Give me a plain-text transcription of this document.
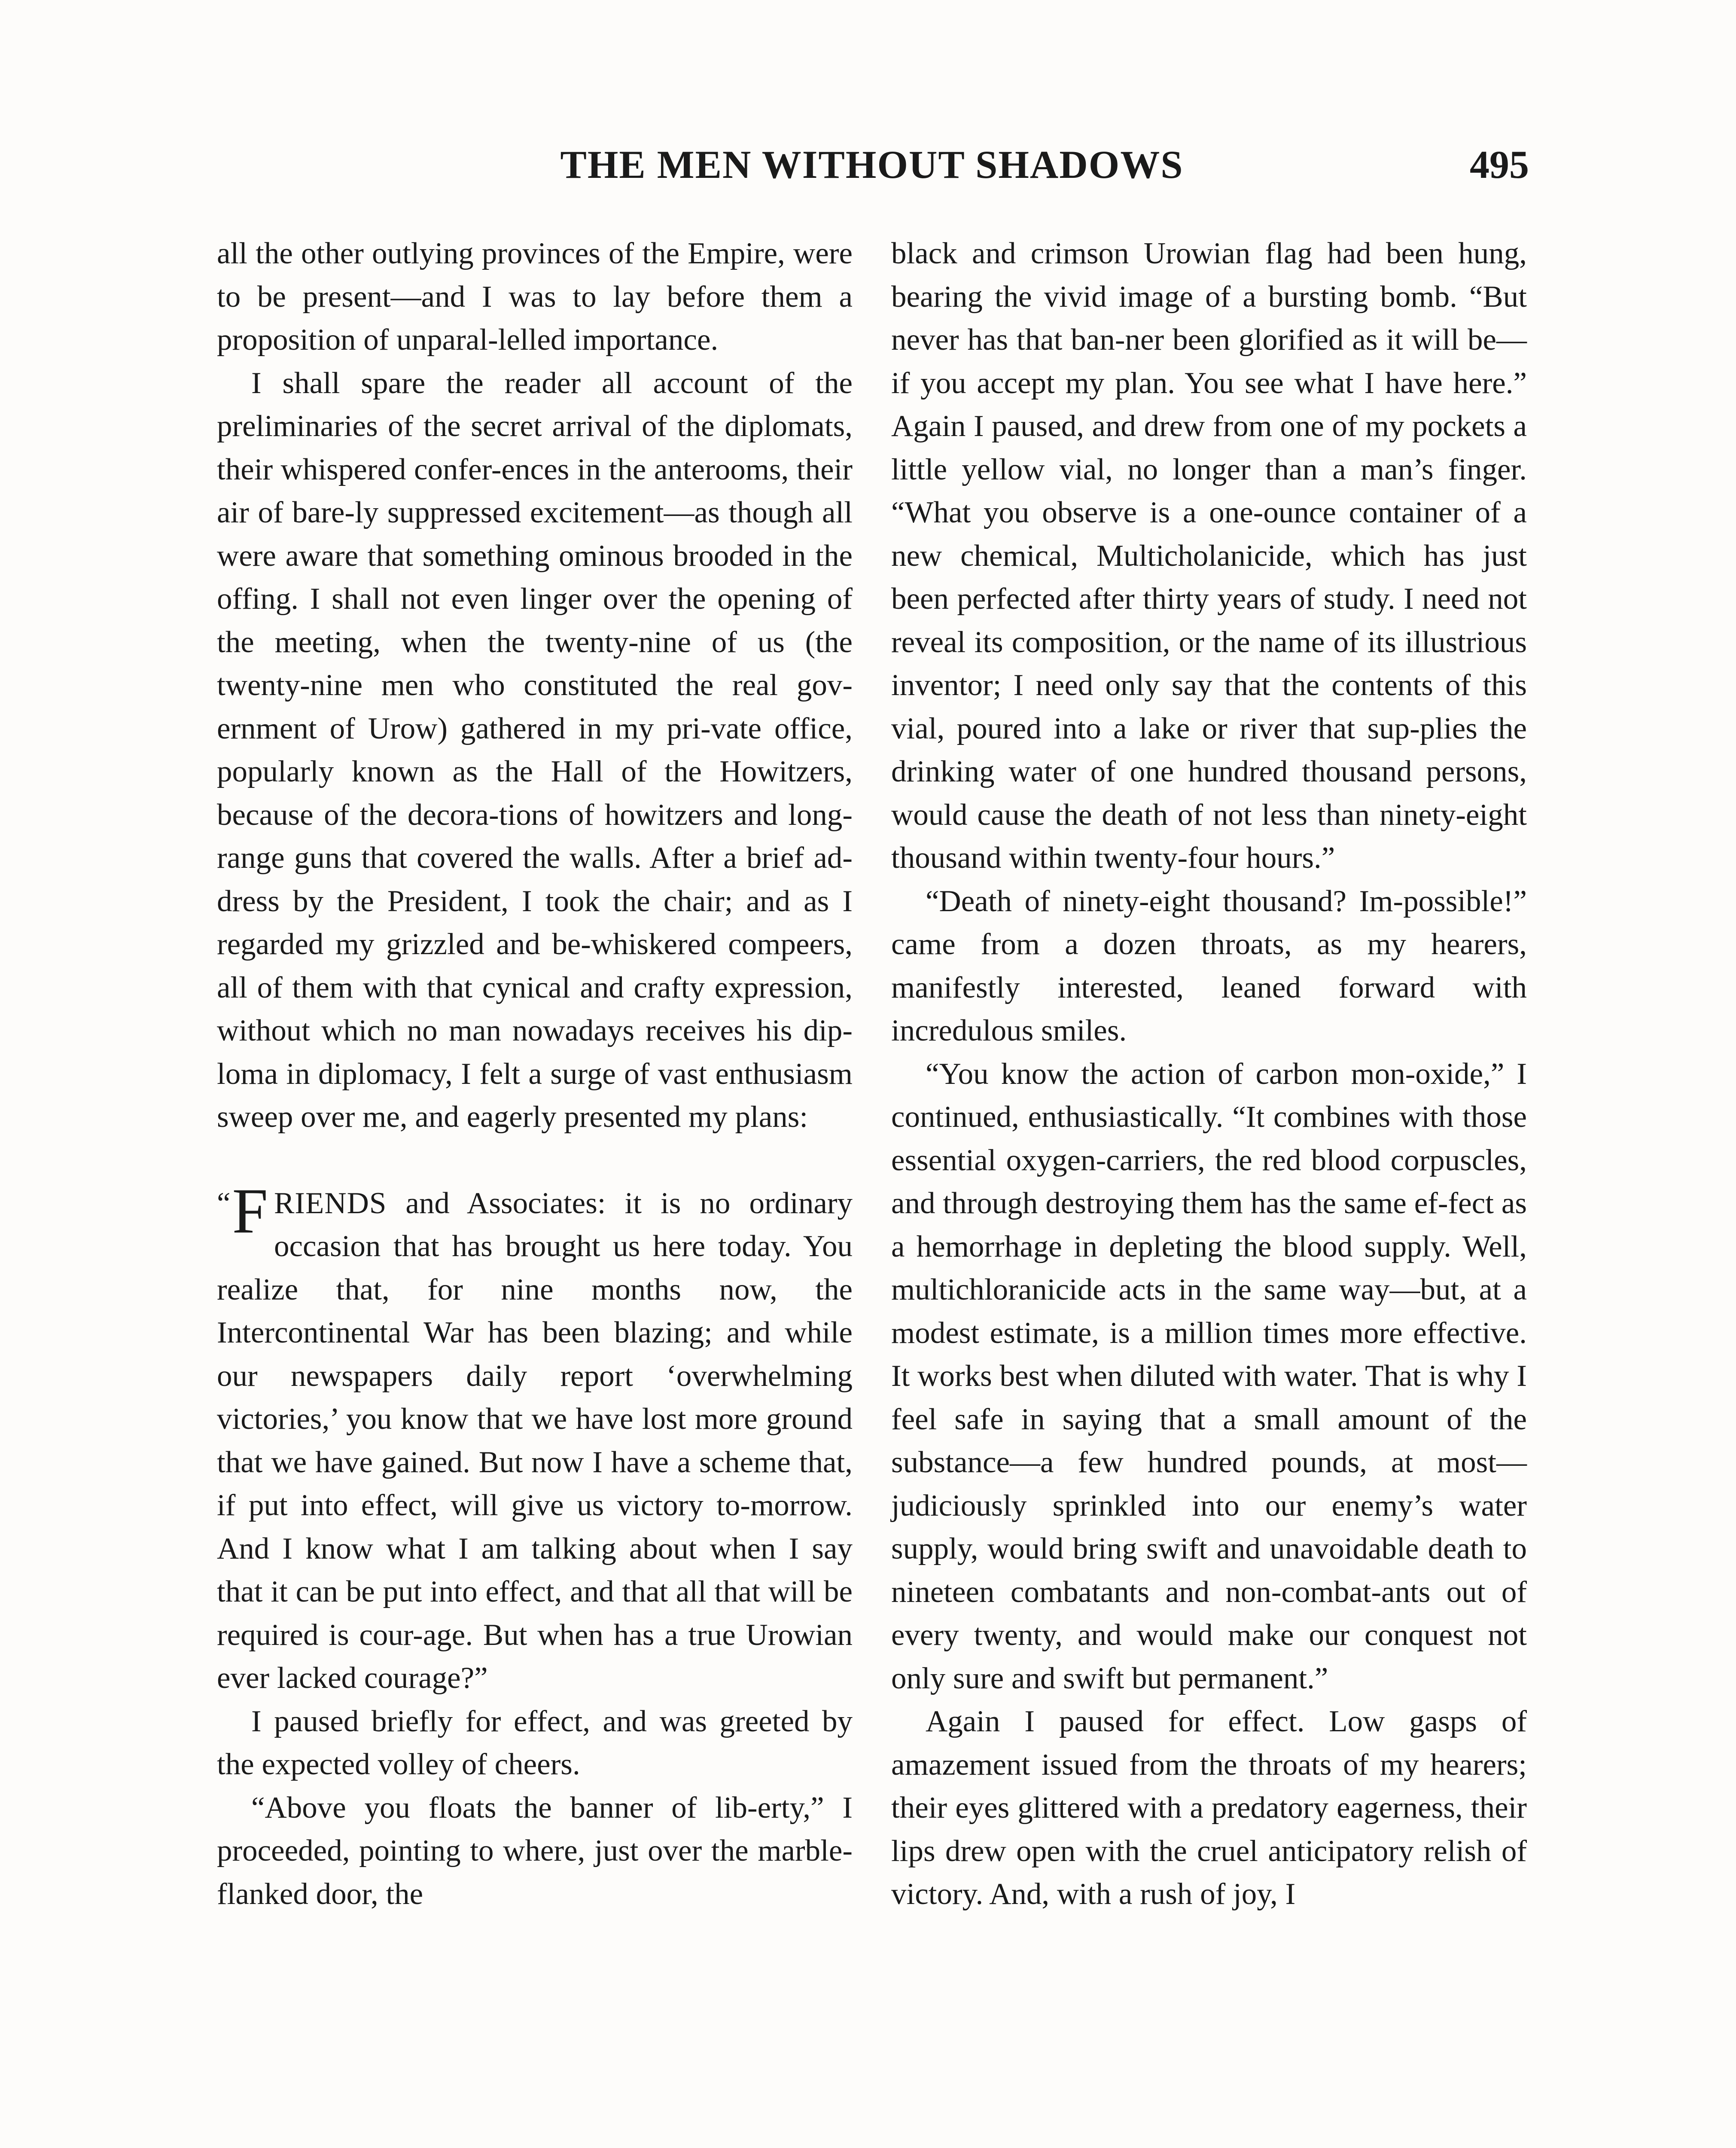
THE MEN WITHOUT SHADOWS	495

all the other outlying provinces of the Empire, were to be present—and I was to lay before them a proposition of unparal-lelled importance.

I shall spare the reader all account of the preliminaries of the secret arrival of the diplomats, their whispered confer-ences in the anterooms, their air of bare-ly suppressed excitement—as though all were aware that something ominous brooded in the offing. I shall not even linger over the opening of the meeting, when the twenty-nine of us (the twenty-nine men who constituted the real gov-ernment of Urow) gathered in my pri-vate office, popularly known as the Hall of the Howitzers, because of the decora-tions of howitzers and long-range guns that covered the walls. After a brief ad-dress by the President, I took the chair; and as I regarded my grizzled and be-whiskered compeers, all of them with that cynical and crafty expression, without which no man nowadays receives his dip-loma in diplomacy, I felt a surge of vast enthusiasm sweep over me, and eagerly presented my plans:

“ F RIENDS and Associates: it is no ordinary occasion that has brought us here today. You realize that, for nine months now, the Intercontinental War has been blazing; and while our newspapers daily report ‘overwhelming victories,’ you know that we have lost more ground that we have gained. But now I have a scheme that, if put into effect, will give us victory to-morrow. And I know what I am talking about when I say that it can be put into effect, and that all that will be required is cour-age. But when has a true Urowian ever lacked courage?”

I paused briefly for effect, and was greeted by the expected volley of cheers.

“Above you floats the banner of lib-erty,” I proceeded, pointing to where, just over the marble-flanked door, the

black and crimson Urowian flag had been hung, bearing the vivid image of a bursting bomb. “But never has that ban-ner been glorified as it will be—if you accept my plan. You see what I have here.” Again I paused, and drew from one of my pockets a little yellow vial, no longer than a man’s finger. “What you observe is a one-ounce container of a new chemical, Multicholanicide, which has just been perfected after thirty years of study. I need not reveal its composition, or the name of its illustrious inventor; I need only say that the contents of this vial, poured into a lake or river that sup-plies the drinking water of one hundred thousand persons, would cause the death of not less than ninety-eight thousand within twenty-four hours.”

“Death of ninety-eight thousand? Im-possible!” came from a dozen throats, as my hearers, manifestly interested, leaned forward with incredulous smiles.

“You know the action of carbon mon-oxide,” I continued, enthusiastically. “It combines with those essential oxygen-carriers, the red blood corpuscles, and through destroying them has the same ef-fect as a hemorrhage in depleting the blood supply. Well, multichloranicide acts in the same way—but, at a modest estimate, is a million times more effective. It works best when diluted with water. That is why I feel safe in saying that a small amount of the substance—a few hundred pounds, at most—judiciously sprinkled into our enemy’s water supply, would bring swift and unavoidable death to nineteen combatants and non-combat-ants out of every twenty, and would make our conquest not only sure and swift but permanent.”

Again I paused for effect. Low gasps of amazement issued from the throats of my hearers; their eyes glittered with a predatory eagerness, their lips drew open with the cruel anticipatory relish of victory. And, with a rush of joy, I
